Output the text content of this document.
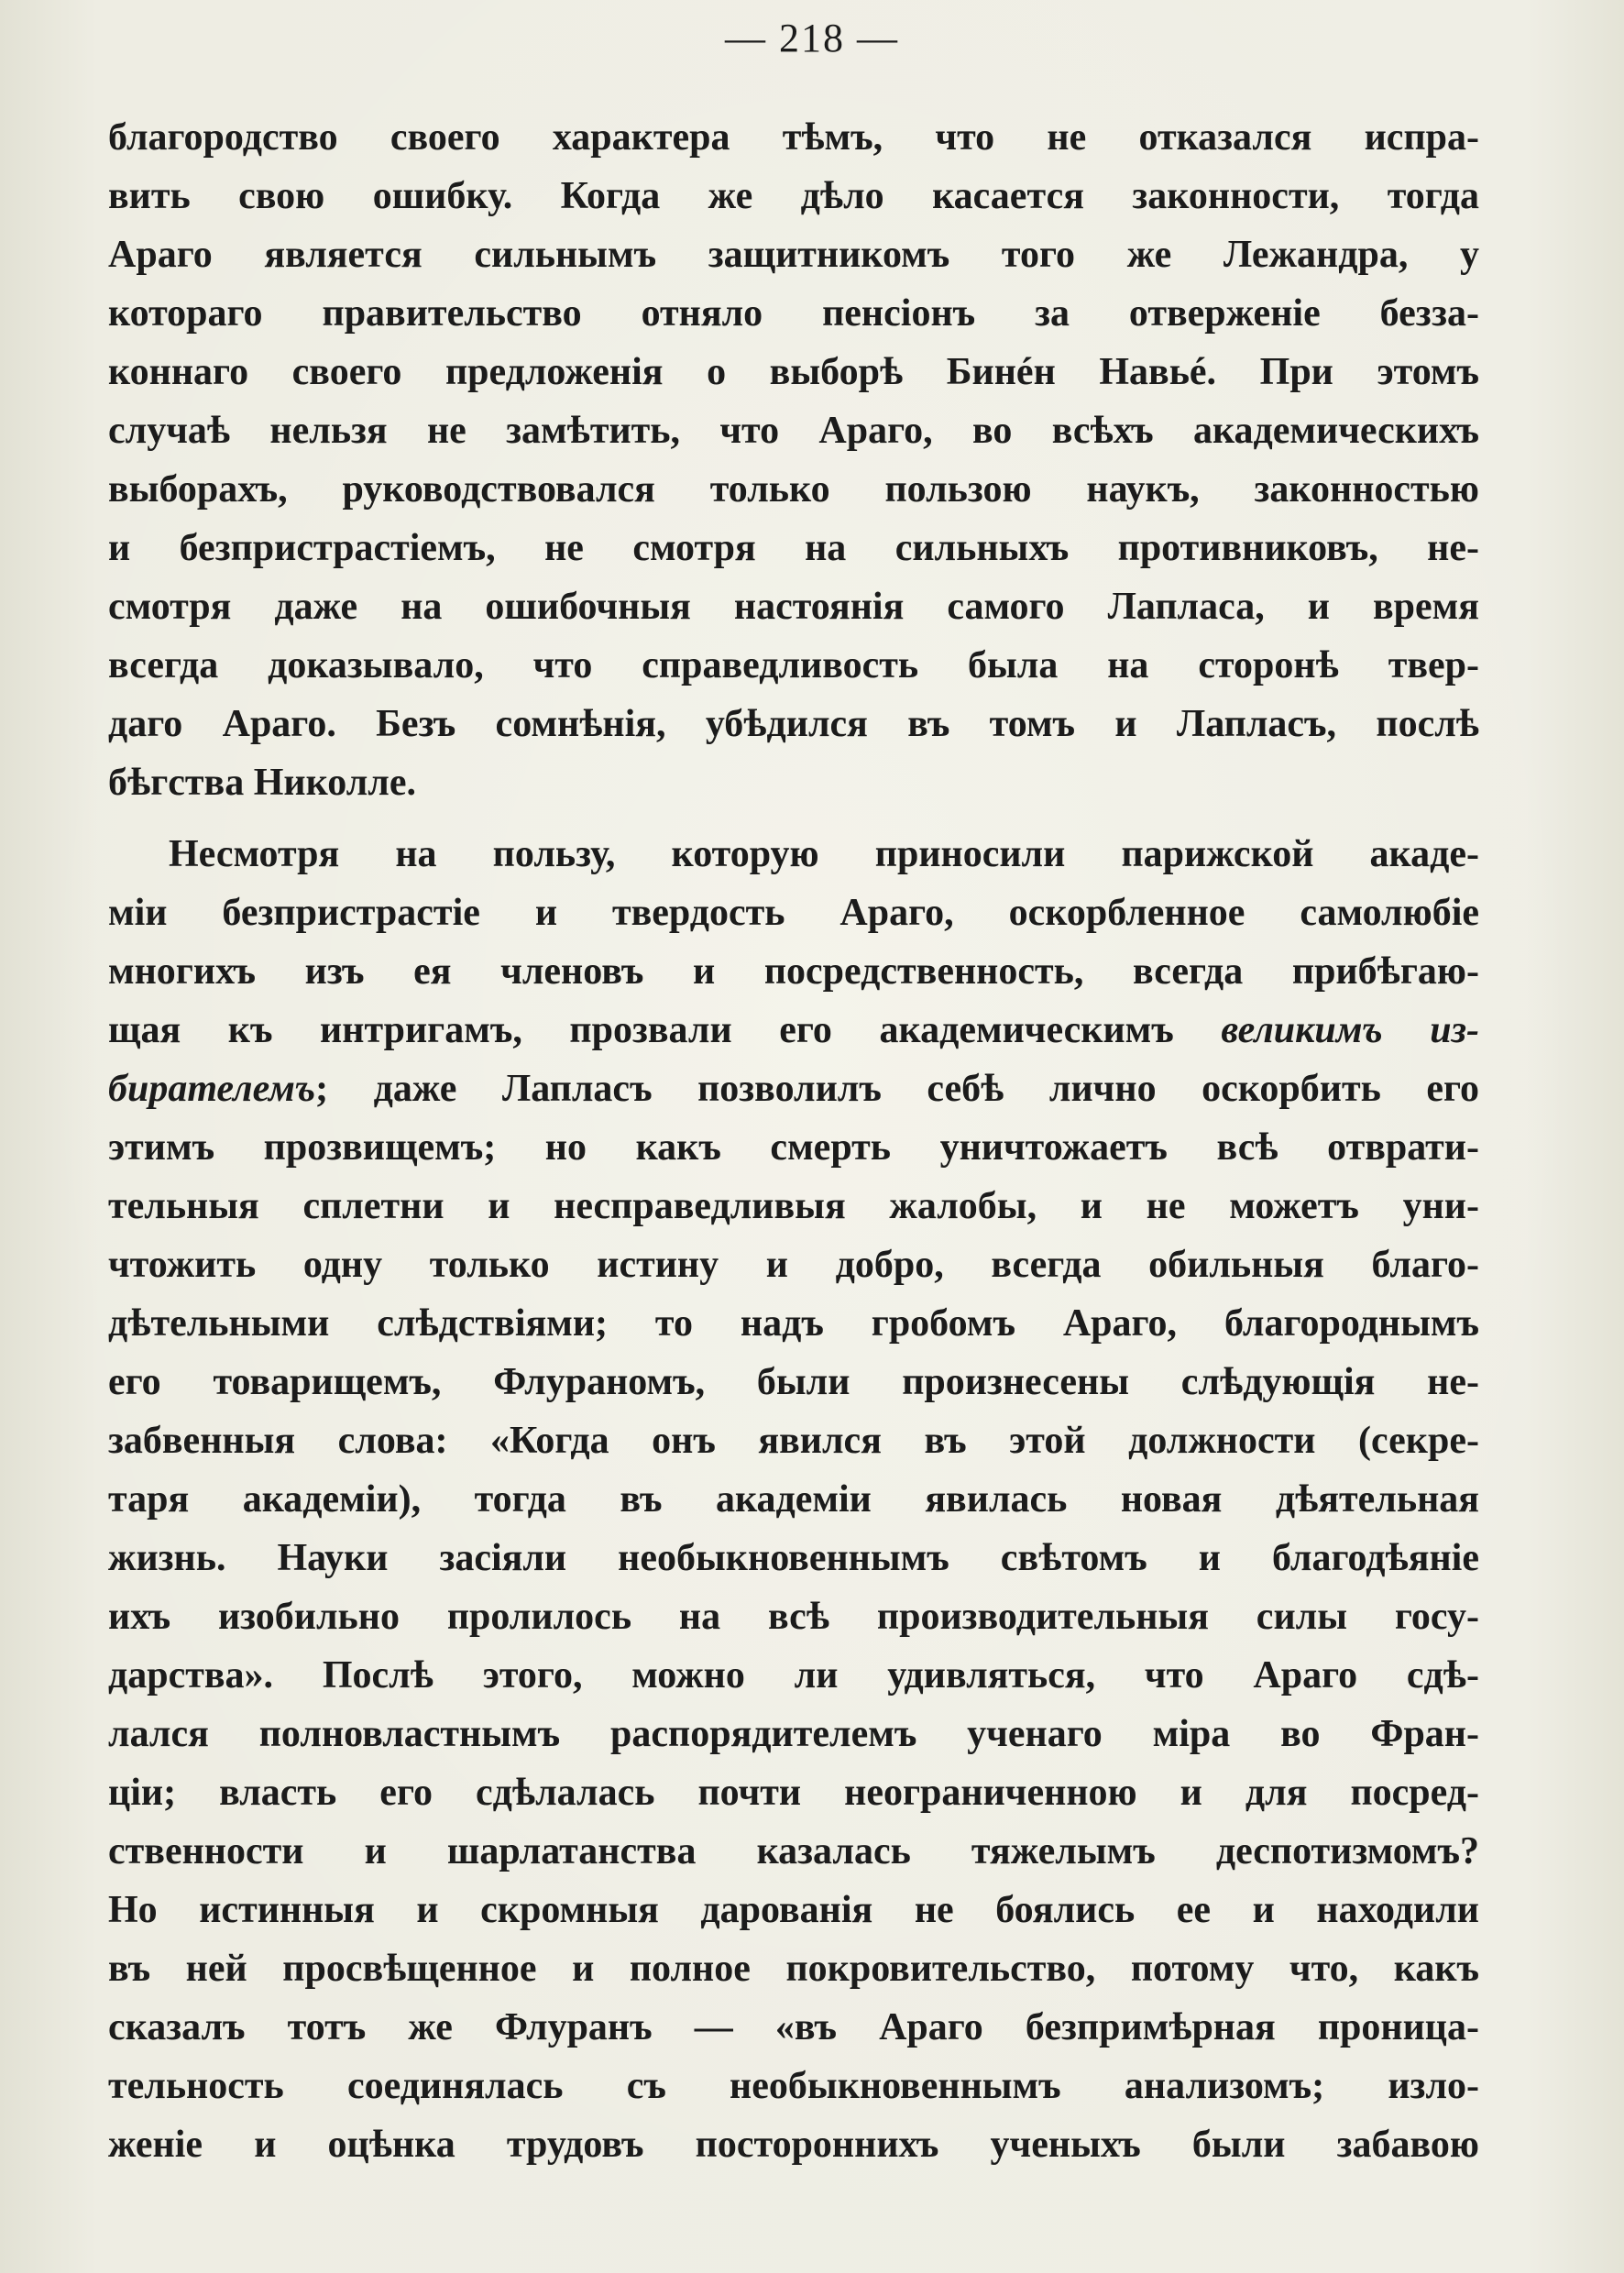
— 218 —
благородство своего характера тѣмъ, что не отказался испра-
вить свою ошибку. Когда же дѣло касается законности, тогда
Араго является сильнымъ защитникомъ того же Лежандра, у
котораго правительство отняло пенсіонъ за отверженіе безза-
коннаго своего предложенія о выборѣ Бинéн Навьé. При этомъ
случаѣ нельзя не замѣтить, что Араго, во всѣхъ академическихъ
выборахъ, руководствовался только пользою наукъ, законностью
и безпристрастіемъ, не смотря на сильныхъ противниковъ, не-
смотря даже на ошибочныя настоянія самого Лапласа, и время
всегда доказывало, что справедливость была на сторонѣ твер-
даго Араго. Безъ сомнѣнія, убѣдился въ томъ и Лапласъ, послѣ
бѣгства Николле.
Несмотря на пользу, которую приносили парижской акаде-
міи безпристрастіе и твердость Араго, оскорбленное самолюбіе
многихъ изъ ея членовъ и посредственность, всегда прибѣгаю-
щая къ интригамъ, прозвали его академическимъ великимъ из-
бирателемъ; даже Лапласъ позволилъ себѣ лично оскорбить его
этимъ прозвищемъ; но какъ смерть уничтожаетъ всѣ отврати-
тельныя сплетни и несправедливыя жалобы, и не можетъ уни-
чтожить одну только истину и добро, всегда обильныя благо-
дѣтельными слѣдствіями; то надъ гробомъ Араго, благороднымъ
его товарищемъ, Флураномъ, были произнесены слѣдующія не-
забвенныя слова: «Когда онъ явился въ этой должности (секре-
таря академіи), тогда въ академіи явилась новая дѣятельная
жизнь. Науки засіяли необыкновеннымъ свѣтомъ и благодѣяніе
ихъ изобильно пролилось на всѣ производительныя силы госу-
дарства». Послѣ этого, можно ли удивляться, что Араго сдѣ-
лался полновластнымъ распорядителемъ ученаго міра во Фран-
ціи; власть его сдѣлалась почти неограниченною и для посред-
ственности и шарлатанства казалась тяжелымъ деспотизмомъ?
Но истинныя и скромныя дарованія не боялись ее и находили
въ ней просвѣщенное и полное покровительство, потому что, какъ
сказалъ тотъ же Флуранъ — «въ Араго безпримѣрная проница-
тельность соединялась съ необыкновеннымъ анализомъ; изло-
женіе и оцѣнка трудовъ постороннихъ ученыхъ были забавою
